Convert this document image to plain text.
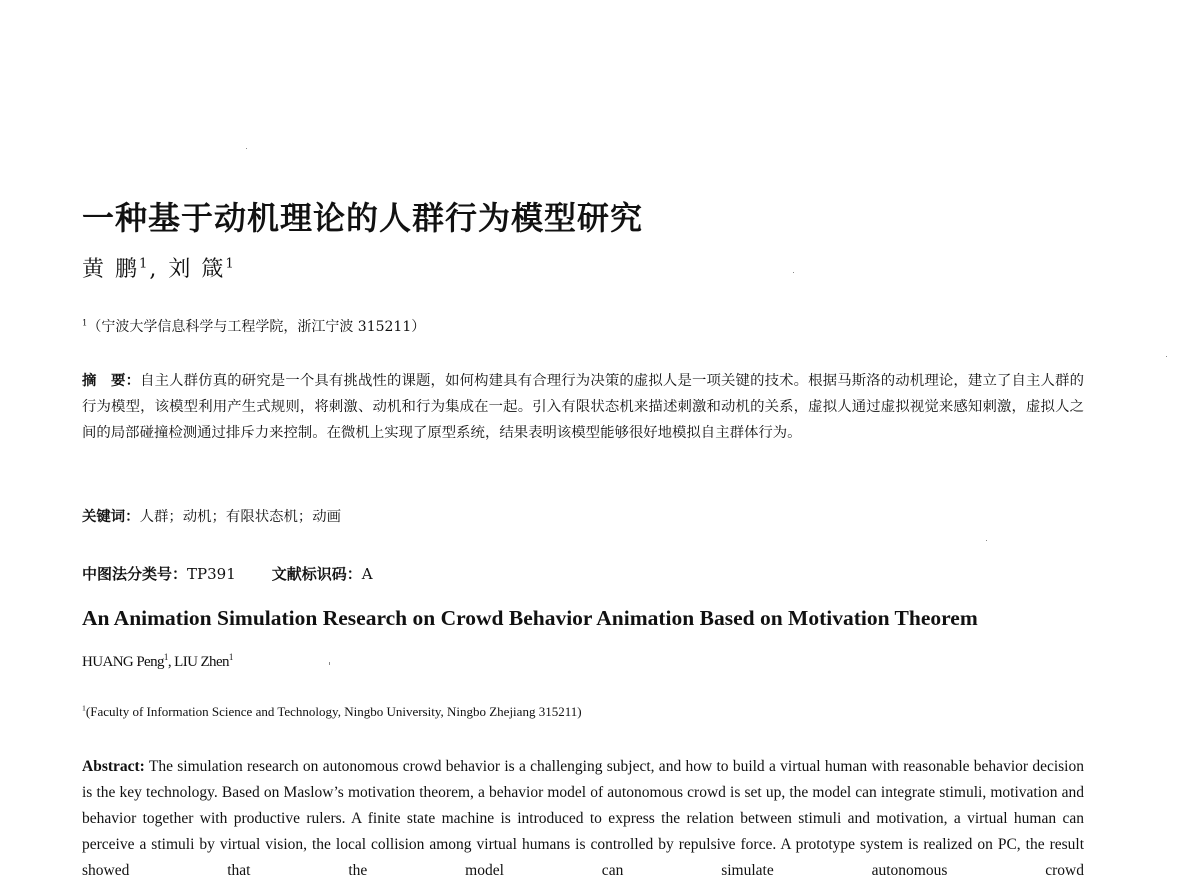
一种基于动机理论的人群行为模型研究
黄 鹏$^1$, 刘 箴$^1$
$^1$（宁波大学信息科学与工程学院，浙江宁波 315211）

摘　要：自主人群仿真的研究是一个具有挑战性的课题，如何构建具有合理行为决策的虚拟人是一项关键的技术。根据马斯洛的动机理论，建立了自主人群的行为模型，该模型利用产生式规则，将刺激、动机和行为集成在一起。引入有限状态机来描述刺激和动机的关系，虚拟人通过虚拟视觉来感知刺激，虚拟人之间的局部碰撞检测通过排斥力来控制。在微机上实现了原型系统，结果表明该模型能够很好地模拟自主群体行为。

关键词：人群；动机；有限状态机；动画
中图法分类号：TP391 文献标识码：A
An Animation Simulation Research on Crowd Behavior Animation Based on Motivation Theorem
HUANG Peng$^1$, LIU Zhen$^1$
$^1$(Faculty of Information Science and Technology, Ningbo University, Ningbo Zhejiang 315211)

Abstract: The simulation research on autonomous crowd behavior is a challenging subject, and how to build a virtual human with reasonable behavior decision is the key technology. Based on Maslow’s motivation theorem, a behavior model of autonomous crowd is set up, the model can integrate stimuli, motivation and behavior together with productive rulers. A finite state machine is introduced to express the relation between stimuli and motivation, a virtual human can perceive a stimuli by virtual vision, the local collision among virtual humans is controlled by repulsive force. A prototype system is realized on PC, the result showed that the model can simulate autonomous crowd
